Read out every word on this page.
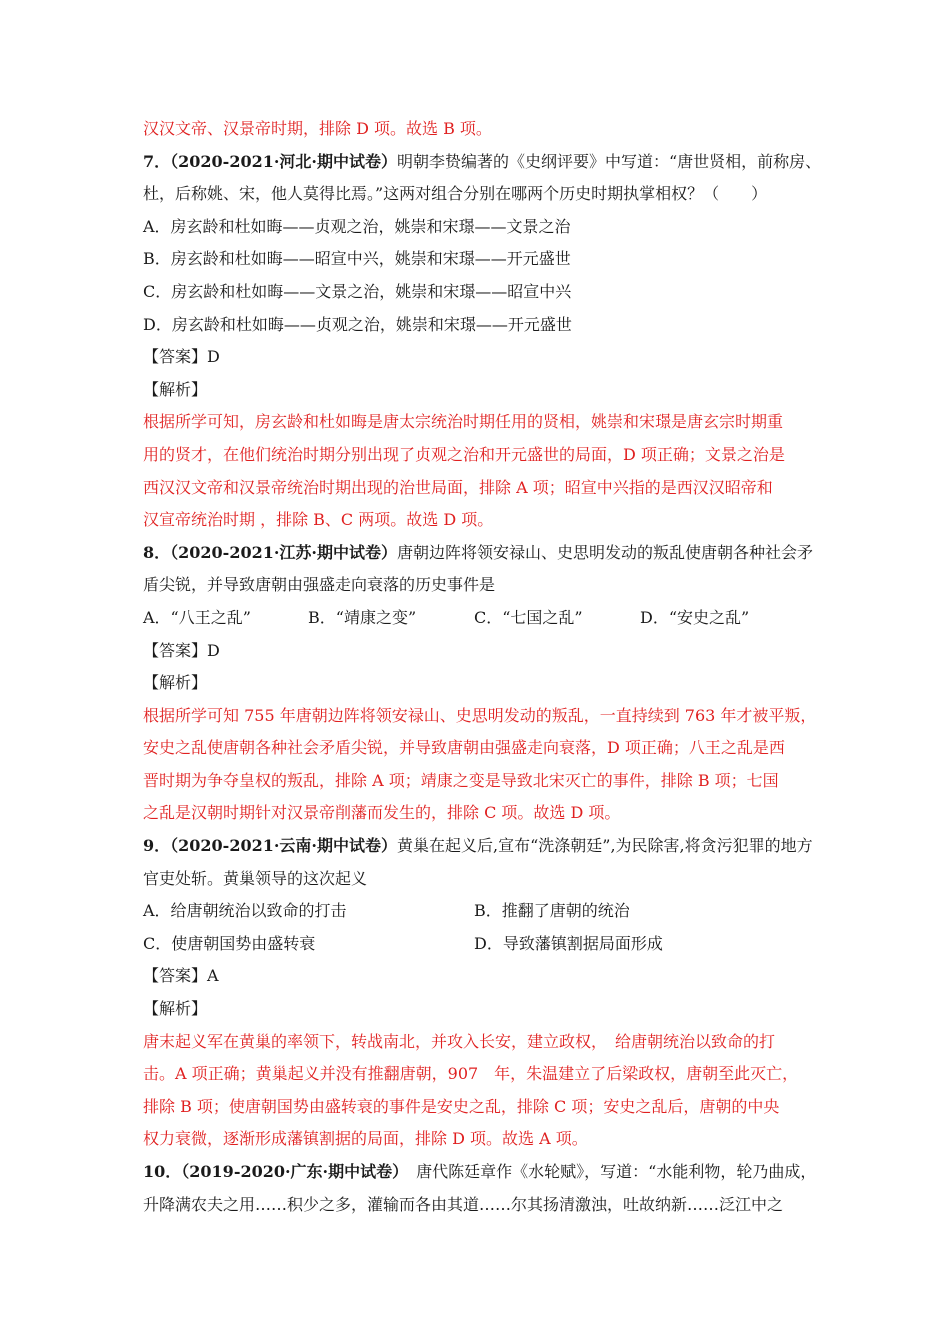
汉汉文帝、汉景帝时期，排除 D 项。故选 B 项。
7．（2020-2021·河北·期中试卷）明朝李贽编著的《史纲评要》中写道：“唐世贤相，前称房、
杜，后称姚、宋，他人莫得比焉。”这两对组合分别在哪两个历史时期执掌相权？（　　）
A．房玄龄和杜如晦——贞观之治，姚崇和宋璟——文景之治
B．房玄龄和杜如晦——昭宣中兴，姚崇和宋璟——开元盛世
C．房玄龄和杜如晦——文景之治，姚崇和宋璟——昭宣中兴
D．房玄龄和杜如晦——贞观之治，姚崇和宋璟——开元盛世
【答案】D
【解析】
根据所学可知，房玄龄和杜如晦是唐太宗统治时期任用的贤相，姚崇和宋璟是唐玄宗时期重
用的贤才，在他们统治时期分别出现了贞观之治和开元盛世的局面，D 项正确；文景之治是
西汉汉文帝和汉景帝统治时期出现的治世局面，排除 A 项；昭宣中兴指的是西汉汉昭帝和
汉宣帝统治时期 ，排除 B、C 两项。故选 D 项。
8．（2020-2021·江苏·期中试卷）唐朝边阵将领安禄山、史思明发动的叛乱使唐朝各种社会矛
盾尖锐，并导致唐朝由强盛走向衰落的历史事件是
A．“八王之乱”	B．“靖康之变”	C．“七国之乱”	D．“安史之乱”
【答案】D
【解析】
根据所学可知 755 年唐朝边阵将领安禄山、史思明发动的叛乱，一直持续到 763 年才被平叛，
安史之乱使唐朝各种社会矛盾尖锐，并导致唐朝由强盛走向衰落，D 项正确；八王之乱是西
晋时期为争夺皇权的叛乱，排除 A 项；靖康之变是导致北宋灭亡的事件，排除 B 项；七国
之乱是汉朝时期针对汉景帝削藩而发生的，排除 C 项。故选 D 项。
9．（2020-2021·云南·期中试卷）黄巢在起义后,宣布“洗涤朝廷”,为民除害,将贪污犯罪的地方
官吏处斩。黄巢领导的这次起义
A．给唐朝统治以致命的打击	B．推翻了唐朝的统治
C．使唐朝国势由盛转衰	D．导致藩镇割据局面形成
【答案】A
【解析】
唐末起义军在黄巢的率领下，转战南北，并攻入长安，建立政权，　给唐朝统治以致命的打
击。A 项正确；黄巢起义并没有推翻唐朝，907　年，朱温建立了后梁政权，唐朝至此灭亡，
排除 B 项；使唐朝国势由盛转衰的事件是安史之乱，排除 C 项；安史之乱后，唐朝的中央
权力衰微，逐渐形成藩镇割据的局面，排除 D 项。故选 A 项。
10．（2019-2020·广东·期中试卷）　唐代陈廷章作《水轮赋》，写道：“水能利物，轮乃曲成，
升降满农夫之用……积少之多，灌输而各由其道……尔其扬清激浊，吐故纳新……泛江中之
